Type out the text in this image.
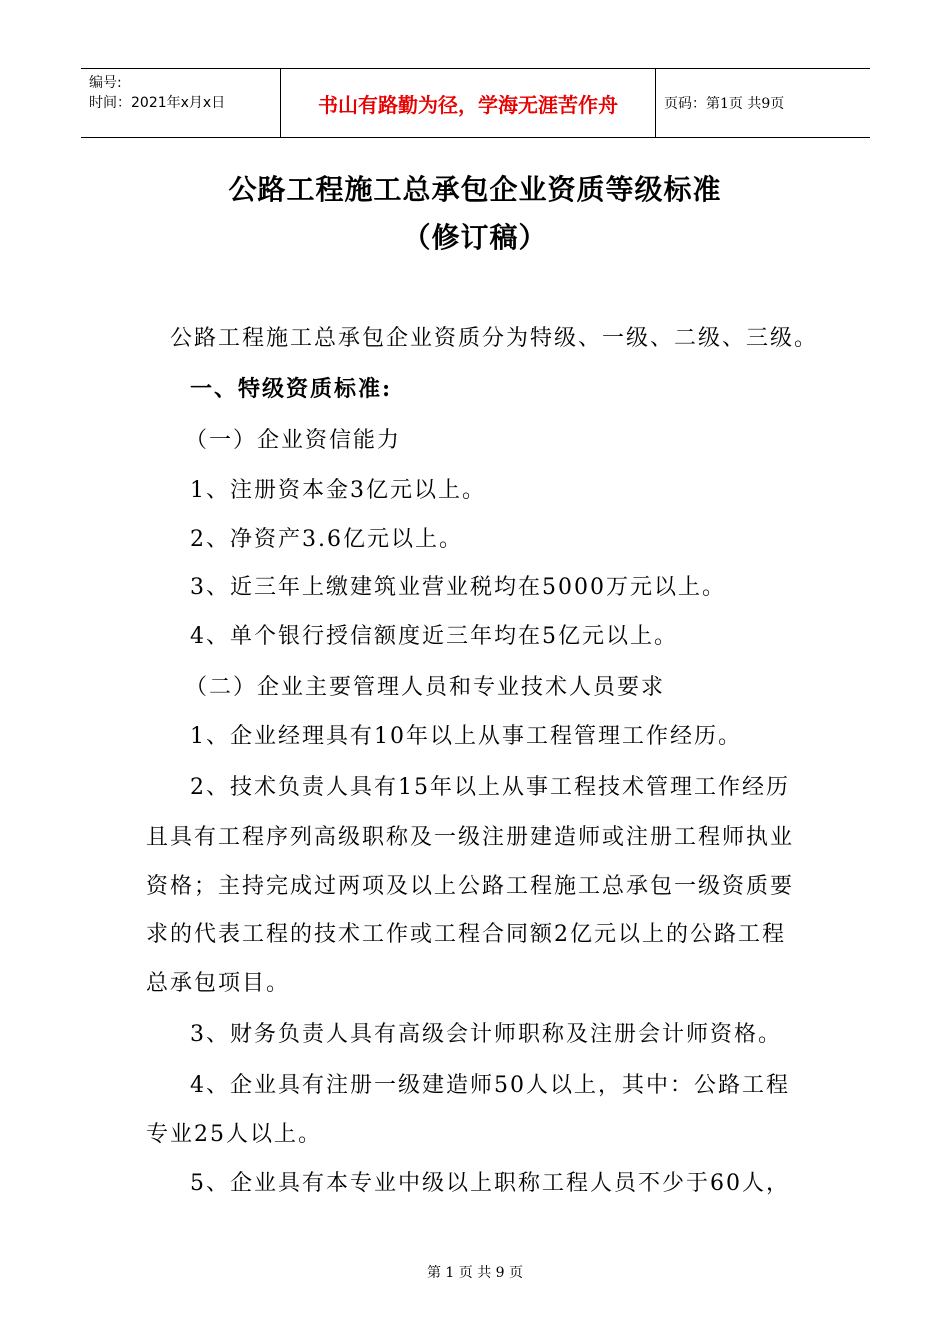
编号:
时间：2021年x月x日	书山有路勤为径，学海无涯苦作舟	页码：第1页 共9页
公路工程施工总承包企业资质等级标准
（修订稿）
公路工程施工总承包企业资质分为特级、一级、二级、三级。
一、特级资质标准:
（一）企业资信能力
1、注册资本金3亿元以上。
2、净资产3.6亿元以上。
3、近三年上缴建筑业营业税均在5000万元以上。
4、单个银行授信额度近三年均在5亿元以上。
（二）企业主要管理人员和专业技术人员要求
1、企业经理具有10年以上从事工程管理工作经历。
2、技术负责人具有15年以上从事工程技术管理工作经历
且具有工程序列高级职称及一级注册建造师或注册工程师执业
资格；主持完成过两项及以上公路工程施工总承包一级资质要
求的代表工程的技术工作或工程合同额2亿元以上的公路工程
总承包项目。
3、财务负责人具有高级会计师职称及注册会计师资格。
4、企业具有注册一级建造师50人以上，其中：公路工程
专业25人以上。
5、企业具有本专业中级以上职称工程人员不少于60人，
第 1 页 共 9 页
